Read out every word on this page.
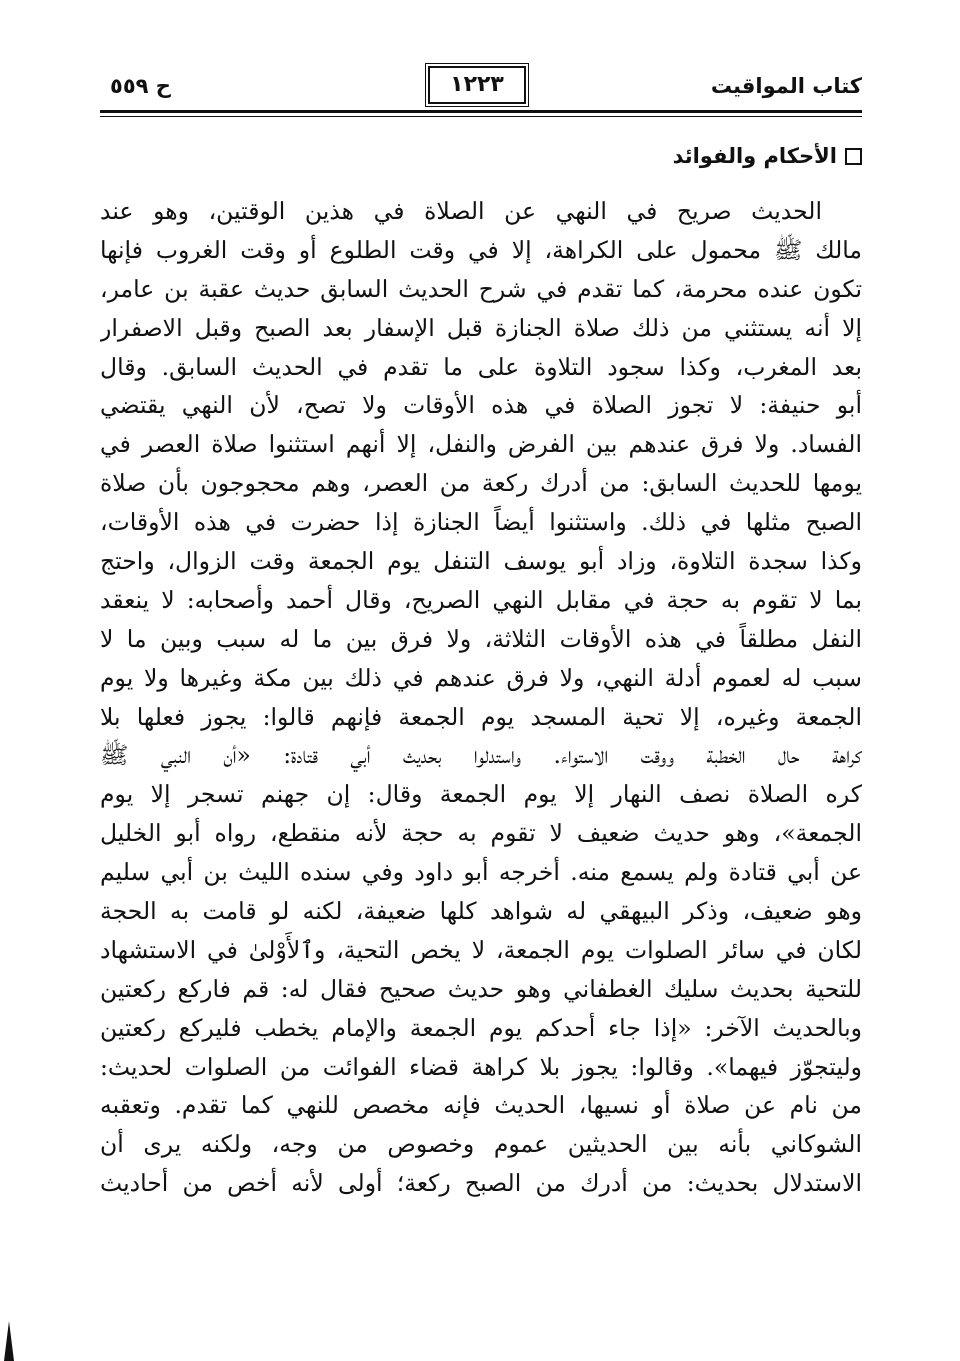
كتاب المواقيت
١٢٢٣
ح ٥٥٩
الأحكام والفوائد
الحديث صريح في النهي عن الصلاة في هذين الوقتين، وهو عند
مالك ﷺ محمول على الكراهة، إلا في وقت الطلوع أو وقت الغروب فإنها
تكون عنده محرمة، كما تقدم في شرح الحديث السابق حديث عقبة بن عامر،
إلا أنه يستثني من ذلك صلاة الجنازة قبل الإسفار بعد الصبح وقبل الاصفرار
بعد المغرب، وكذا سجود التلاوة على ما تقدم في الحديث السابق. وقال
أبو حنيفة: لا تجوز الصلاة في هذه الأوقات ولا تصح، لأن النهي يقتضي
الفساد. ولا فرق عندهم بين الفرض والنفل، إلا أنهم استثنوا صلاة العصر في
يومها للحديث السابق: من أدرك ركعة من العصر، وهم محجوجون بأن صلاة
الصبح مثلها في ذلك. واستثنوا أيضاً الجنازة إذا حضرت في هذه الأوقات،
وكذا سجدة التلاوة، وزاد أبو يوسف التنفل يوم الجمعة وقت الزوال، واحتج
بما لا تقوم به حجة في مقابل النهي الصريح، وقال أحمد وأصحابه: لا ينعقد
النفل مطلقاً في هذه الأوقات الثلاثة، ولا فرق بين ما له سبب وبين ما لا
سبب له لعموم أدلة النهي، ولا فرق عندهم في ذلك بين مكة وغيرها ولا يوم
الجمعة وغيره، إلا تحية المسجد يوم الجمعة فإنهم قالوا: يجوز فعلها بلا
كراهة حال الخطبة ووقت الاستواء. واستدلوا بحديث أبي قتادة: «أن النبي ﷺ
كره الصلاة نصف النهار إلا يوم الجمعة وقال: إن جهنم تسجر إلا يوم
الجمعة»، وهو حديث ضعيف لا تقوم به حجة لأنه منقطع، رواه أبو الخليل
عن أبي قتادة ولم يسمع منه. أخرجه أبو داود وفي سنده الليث بن أبي سليم
وهو ضعيف، وذكر البيهقي له شواهد كلها ضعيفة، لكنه لو قامت به الحجة
لكان في سائر الصلوات يوم الجمعة، لا يخص التحية، وٱلأَوْلىٰ في الاستشهاد
للتحية بحديث سليك الغطفاني وهو حديث صحيح فقال له: قم فاركع ركعتين
وبالحديث الآخر: «إذا جاء أحدكم يوم الجمعة والإمام يخطب فليركع ركعتين
وليتجوّز فيهما». وقالوا: يجوز بلا كراهة قضاء الفوائت من الصلوات لحديث:
من نام عن صلاة أو نسيها، الحديث فإنه مخصص للنهي كما تقدم. وتعقبه
الشوكاني بأنه بين الحديثين عموم وخصوص من وجه، ولكنه يرى أن
الاستدلال بحديث: من أدرك من الصبح ركعة؛ أولى لأنه أخص من أحاديث
